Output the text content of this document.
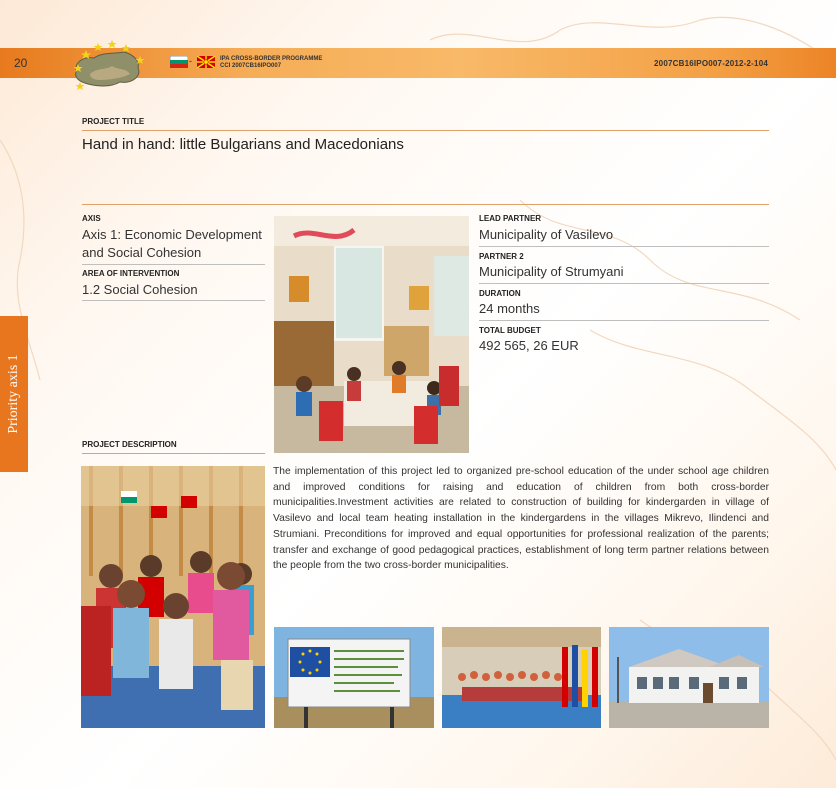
20	-	IPA CROSS-BORDER PROGRAMME
CCI 2007CB16IPO007	2007CB16IPO007-2012-2-104
Priority axis 1
PROJECT TITLE
Hand in hand: little Bulgarians and Macedonians
AXIS
Axis 1: Economic Development
and Social Cohesion
AREA OF INTERVENTION
1.2 Social Cohesion
LEAD PARTNER
Municipality of Vasilevo
PARTNER 2
Municipality of Strumyani
DURATION
24 months
TOTAL BUDGET
492 565, 26 EUR
PROJECT DESCRIPTION
The implementation of this project led to organized pre-school education of the under school age children and improved conditions for raising and education of children from both cross-border municipalities.Investment activities are related to construction of building for kindergarden in village of Vasilevo and local team heating installation in the kindergardens in the villages Mikrevo, Ilindenci and Strumiani. Preconditions for improved and equal opportunities for professional realization of the parents; transfer and exchange of good pedagogical practices, establishment of long term partner relations between the people from the two cross-border municipalities.
